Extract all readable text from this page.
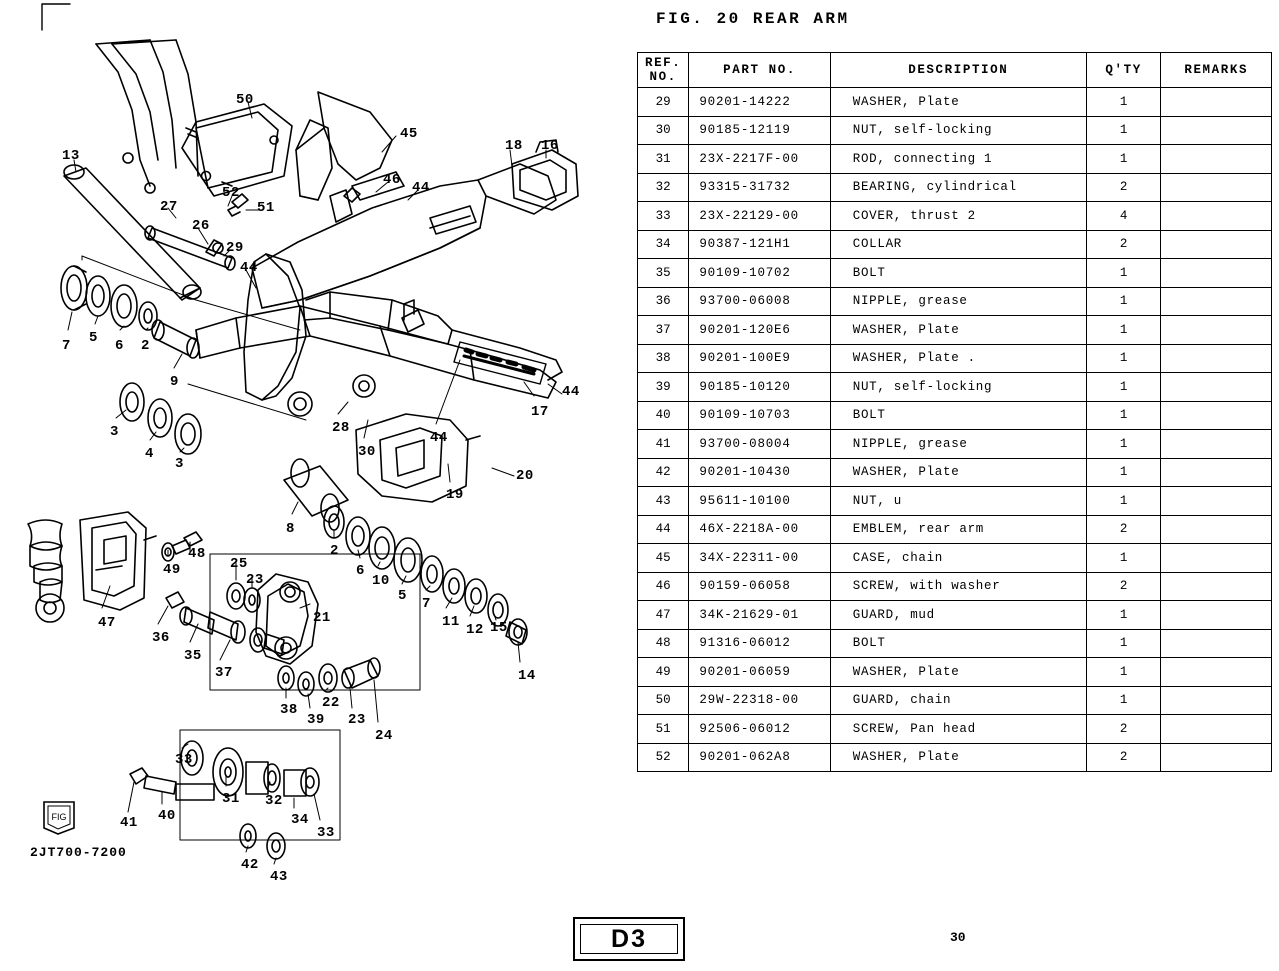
FIG
13
50
45
18 16
46 44
52
51
27
26
29
44
7 5 6 2
9
44
17
28
44
30
20
19
3
4
3
8
2
6
10
5 7
11 12 15
14
49
48
25
23
21
47
36
35
37
38
39
22
23
24
33
41 40
31 32
34
33
42
43
2JT700-7200
FIG. 20 REAR ARM
REF.
NO.	PART NO.	DESCRIPTION	Q'TY	REMARKS
29	90201-14222	WASHER, Plate	1	
30	90185-12119	NUT, self-locking	1	
31	23X-2217F-00	ROD, connecting 1	1	
32	93315-31732	BEARING, cylindrical	2	
33	23X-22129-00	COVER, thrust 2	4	
34	90387-121H1	COLLAR	2	
35	90109-10702	BOLT	1	
36	93700-06008	NIPPLE, grease	1	
37	90201-120E6	WASHER, Plate	1	
38	90201-100E9	WASHER, Plate .	1	
39	90185-10120	NUT, self-locking	1	
40	90109-10703	BOLT	1	
41	93700-08004	NIPPLE, grease	1	
42	90201-10430	WASHER, Plate	1	
43	95611-10100	NUT, u	1	
44	46X-2218A-00	EMBLEM, rear arm	2	
45	34X-22311-00	CASE, chain	1	
46	90159-06058	SCREW, with washer	2	
47	34K-21629-01	GUARD, mud	1	
48	91316-06012	BOLT	1	
49	90201-06059	WASHER, Plate	1	
50	29W-22318-00	GUARD, chain	1	
51	92506-06012	SCREW, Pan head	2	
52	90201-062A8	WASHER, Plate	2	
D3	30
